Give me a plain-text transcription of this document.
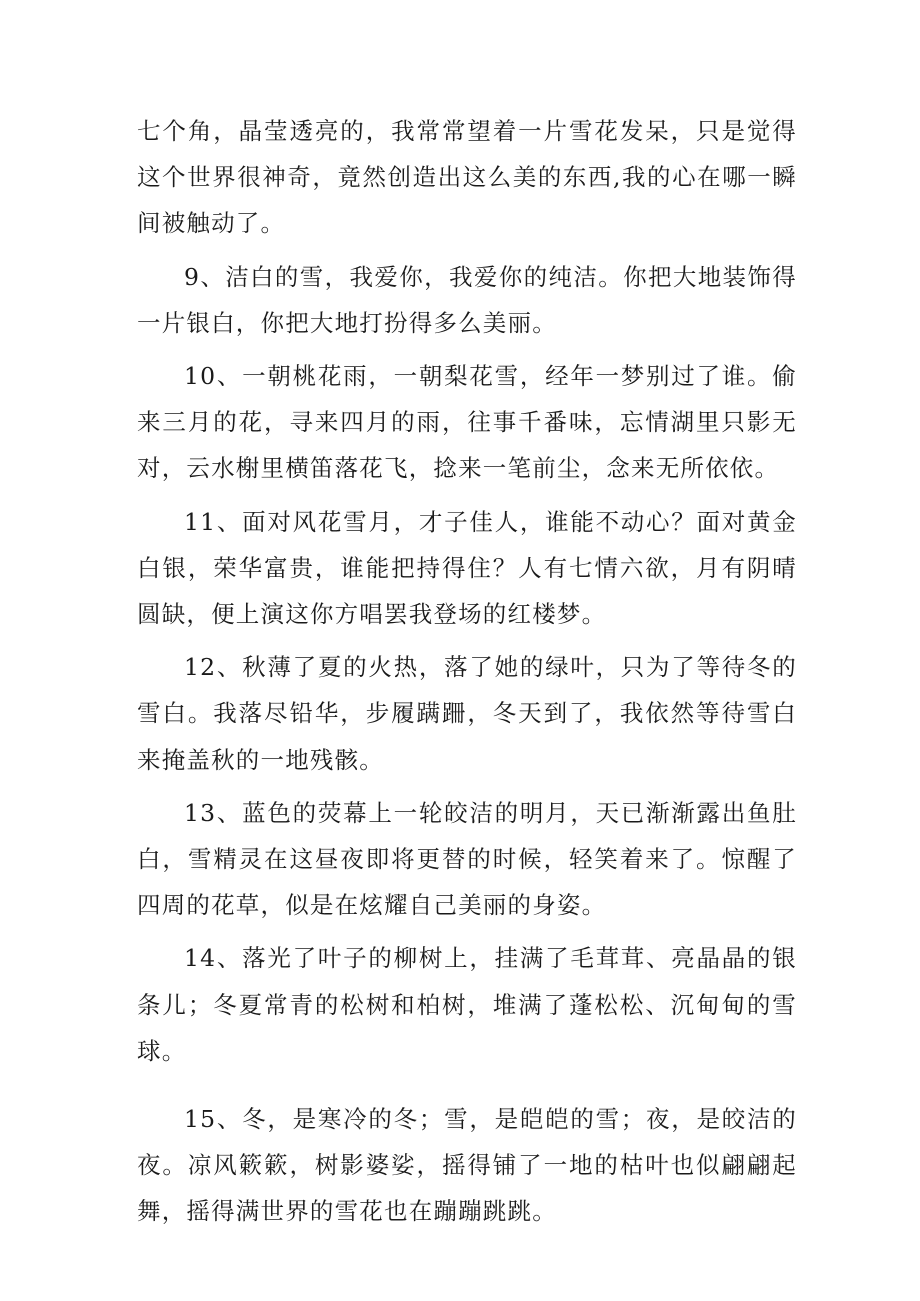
七个角，晶莹透亮的，我常常望着一片雪花发呆，只是觉得这个世界很神奇，竟然创造出这么美的东西,我的心在哪一瞬间被触动了。

9、洁白的雪，我爱你，我爱你的纯洁。你把大地装饰得一片银白，你把大地打扮得多么美丽。

10、一朝桃花雨，一朝梨花雪，经年一梦别过了谁。偷来三月的花，寻来四月的雨，往事千番味，忘情湖里只影无对，云水榭里横笛落花飞，捻来一笔前尘，念来无所依依。

11、面对风花雪月，才子佳人，谁能不动心？面对黄金白银，荣华富贵，谁能把持得住？人有七情六欲，月有阴晴圆缺，便上演这你方唱罢我登场的红楼梦。

12、秋薄了夏的火热，落了她的绿叶，只为了等待冬的雪白。我落尽铅华，步履蹒跚，冬天到了，我依然等待雪白来掩盖秋的一地残骸。

13、蓝色的荧幕上一轮皎洁的明月，天已渐渐露出鱼肚白，雪精灵在这昼夜即将更替的时候，轻笑着来了。惊醒了四周的花草，似是在炫耀自己美丽的身姿。

14、落光了叶子的柳树上，挂满了毛茸茸、亮晶晶的银条儿；冬夏常青的松树和柏树，堆满了蓬松松、沉甸甸的雪球。

15、冬，是寒冷的冬；雪，是皑皑的雪；夜，是皎洁的夜。凉风簌簌，树影婆娑，摇得铺了一地的枯叶也似翩翩起舞，摇得满世界的雪花也在蹦蹦跳跳。
